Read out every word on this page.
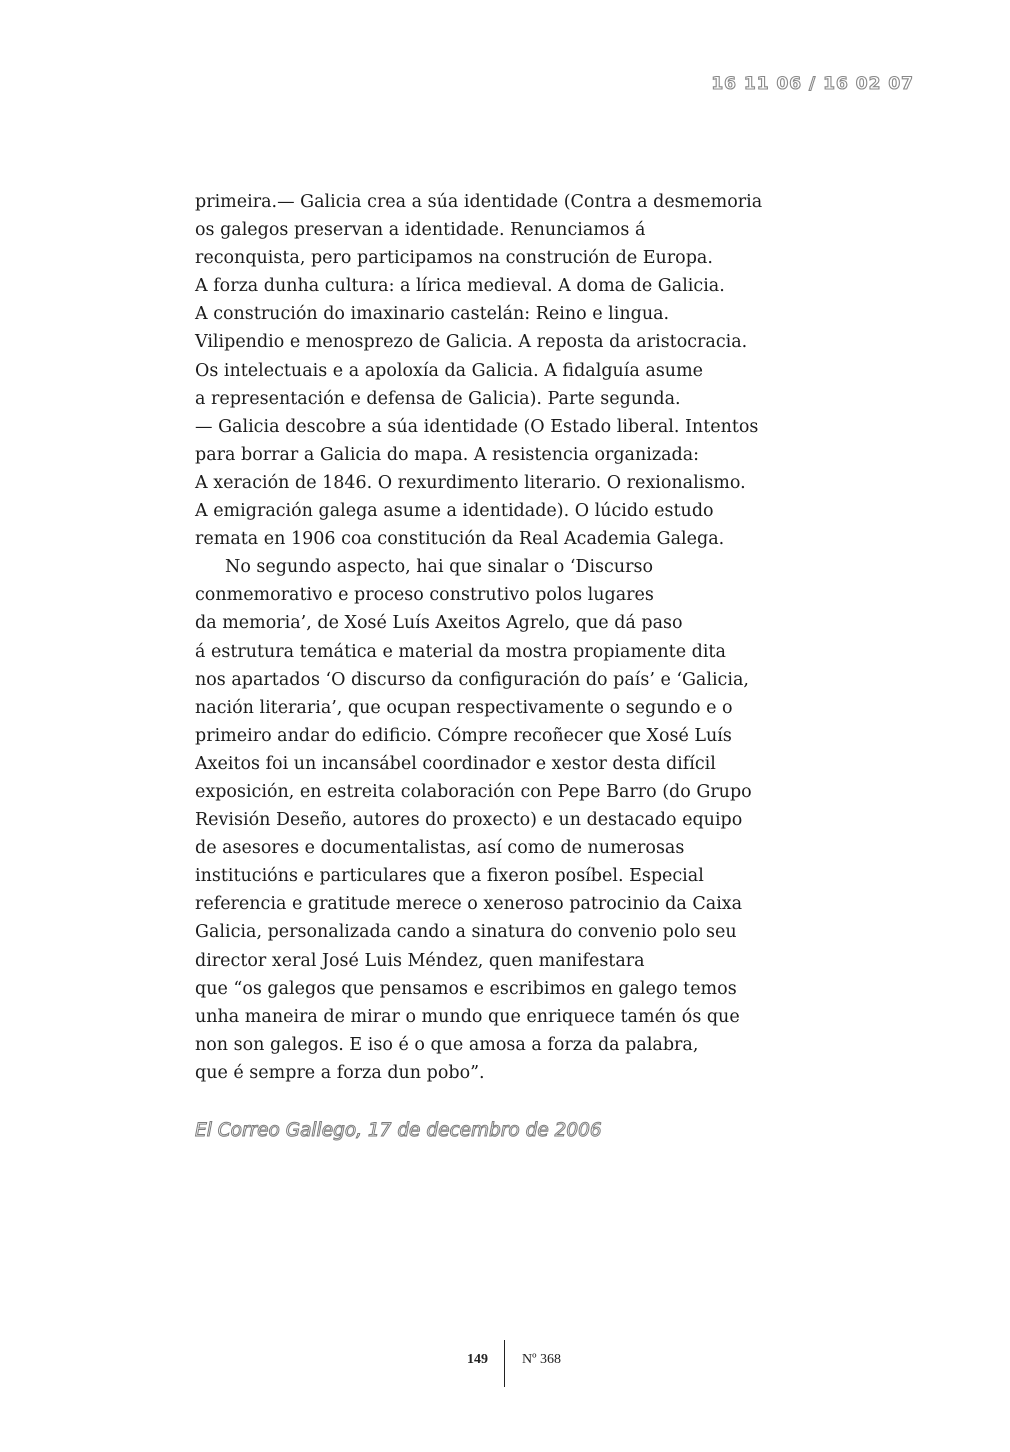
16 11 06 / 16 02 07
primeira.— Galicia crea a súa identidade (Contra a desmemoria
os galegos preservan a identidade. Renunciamos á
reconquista, pero participamos na construción de Europa.
A forza dunha cultura: a lírica medieval. A doma de Galicia.
A construción do imaxinario castelán: Reino e lingua.
Vilipendio e menosprezo de Galicia. A reposta da aristocracia.
Os intelectuais e a apoloxía da Galicia. A fidalguía asume
a representación e defensa de Galicia). Parte segunda.
— Galicia descobre a súa identidade (O Estado liberal. Intentos
para borrar a Galicia do mapa. A resistencia organizada:
A xeración de 1846. O rexurdimento literario. O rexionalismo.
A emigración galega asume a identidade). O lúcido estudo
remata en 1906 coa constitución da Real Academia Galega.
No segundo aspecto, hai que sinalar o ‘Discurso
conmemorativo e proceso construtivo polos lugares
da memoria’, de Xosé Luís Axeitos Agrelo, que dá paso
á estrutura temática e material da mostra propiamente dita
nos apartados ‘O discurso da configuración do país’ e ‘Galicia,
nación literaria’, que ocupan respectivamente o segundo e o
primeiro andar do edificio. Cómpre recoñecer que Xosé Luís
Axeitos foi un incansábel coordinador e xestor desta difícil
exposición, en estreita colaboración con Pepe Barro (do Grupo
Revisión Deseño, autores do proxecto) e un destacado equipo
de asesores e documentalistas, así como de numerosas
institucións e particulares que a fixeron posíbel. Especial
referencia e gratitude merece o xeneroso patrocinio da Caixa
Galicia, personalizada cando a sinatura do convenio polo seu
director xeral José Luis Méndez, quen manifestara
que “os galegos que pensamos e escribimos en galego temos
unha maneira de mirar o mundo que enriquece tamén ós que
non son galegos. E iso é o que amosa a forza da palabra,
que é sempre a forza dun pobo”.
El Correo Gallego, 17 de decembro de 2006
149 Nº 368
